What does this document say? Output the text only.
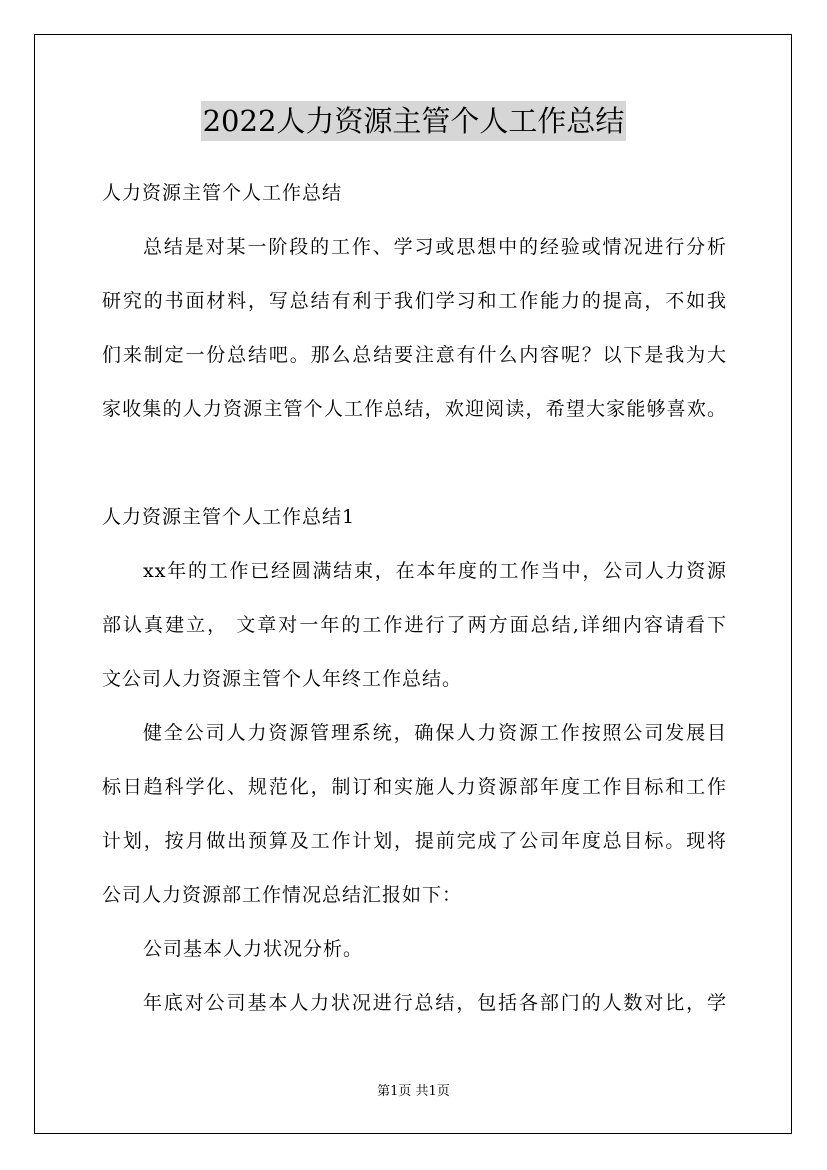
2022人力资源主管个人工作总结
人力资源主管个人工作总结
总结是对某一阶段的工作、学习或思想中的经验或情况进行分析
研究的书面材料，写总结有利于我们学习和工作能力的提高，不如我
们来制定一份总结吧。那么总结要注意有什么内容呢？以下是我为大
家收集的人力资源主管个人工作总结，欢迎阅读，希望大家能够喜欢。
人力资源主管个人工作总结1
xx年的工作已经圆满结束，在本年度的工作当中，公司人力资源
部认真建立， 文章对一年的工作进行了两方面总结,详细内容请看下
文公司人力资源主管个人年终工作总结。
健全公司人力资源管理系统，确保人力资源工作按照公司发展目
标日趋科学化、规范化，制订和实施人力资源部年度工作目标和工作
计划，按月做出预算及工作计划，提前完成了公司年度总目标。现将
公司人力资源部工作情况总结汇报如下：
公司基本人力状况分析。
年底对公司基本人力状况进行总结，包括各部门的人数对比，学
第1页 共1页
